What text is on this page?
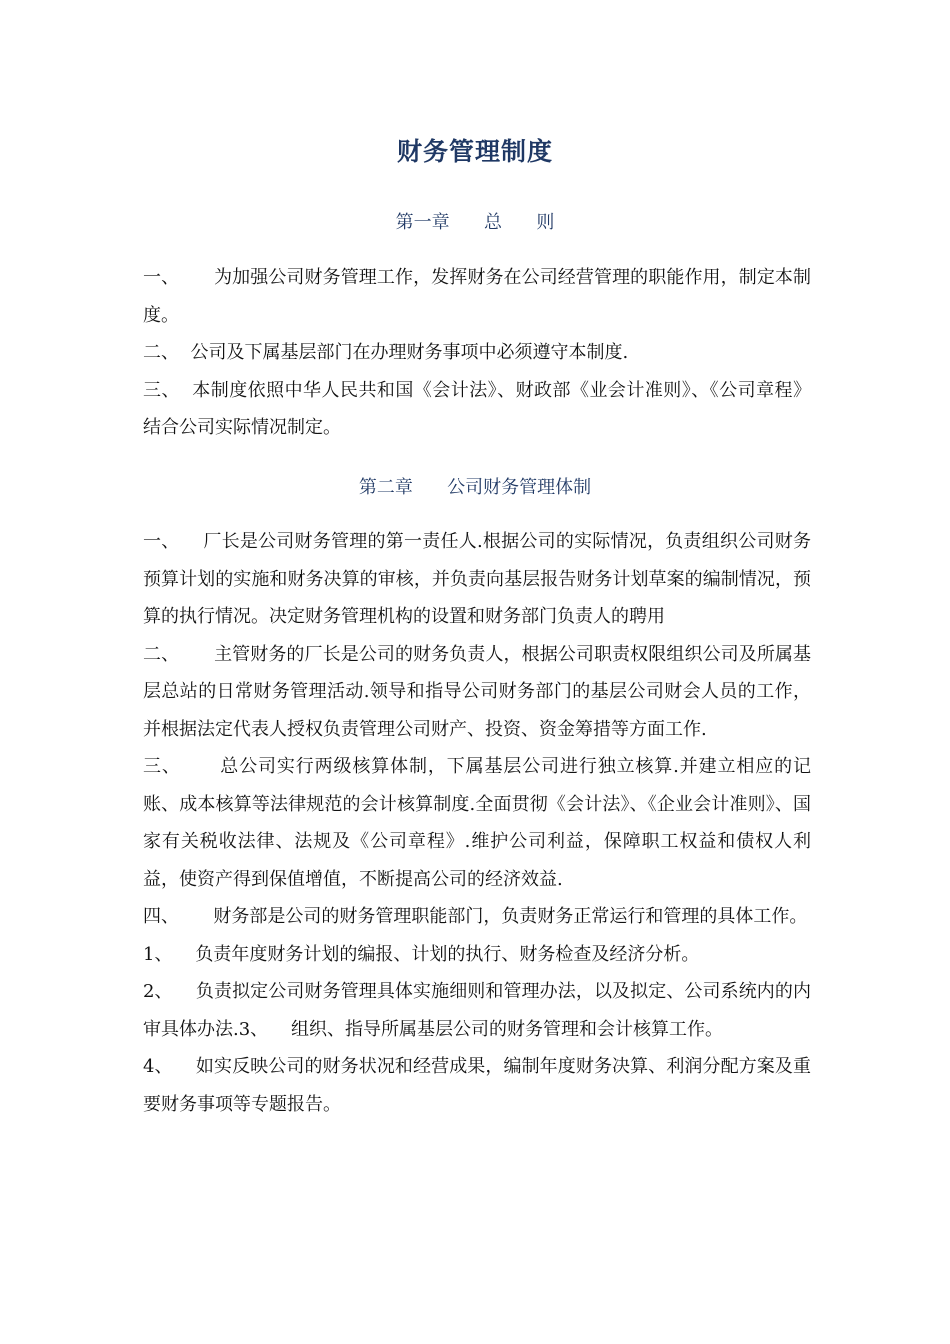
财务管理制度
第一章      总      则

一、      为加强公司财务管理工作，发挥财务在公司经营管理的职能作用，制定本制度。

二、  公司及下属基层部门在办理财务事项中必须遵守本制度.

三、  本制度依照中华人民共和国《会计法》、财政部《业会计准则》、《公司章程》结合公司实际情况制定。

第二章      公司财务管理体制

一、    厂长是公司财务管理的第一责任人.根据公司的实际情况，负责组织公司财务预算计划的实施和财务决算的审核，并负责向基层报告财务计划草案的编制情况，预算的执行情况。决定财务管理机构的设置和财务部门负责人的聘用

二、      主管财务的厂长是公司的财务负责人，根据公司职责权限组织公司及所属基层总站的日常财务管理活动.领导和指导公司财务部门的基层公司财会人员的工作，并根据法定代表人授权负责管理公司财产、投资、资金筹措等方面工作.

三、      总公司实行两级核算体制，下属基层公司进行独立核算.并建立相应的记账、成本核算等法律规范的会计核算制度.全面贯彻《会计法》、《企业会计准则》、国家有关税收法律、法规及《公司章程》.维护公司利益，保障职工权益和债权人利益，使资产得到保值增值，不断提高公司的经济效益.

四、      财务部是公司的财务管理职能部门，负责财务正常运行和管理的具体工作。

1、    负责年度财务计划的编报、计划的执行、财务检查及经济分析。

2、    负责拟定公司财务管理具体实施细则和管理办法，以及拟定、公司系统内的内审具体办法.3、    组织、指导所属基层公司的财务管理和会计核算工作。

4、    如实反映公司的财务状况和经营成果，编制年度财务决算、利润分配方案及重要财务事项等专题报告。
